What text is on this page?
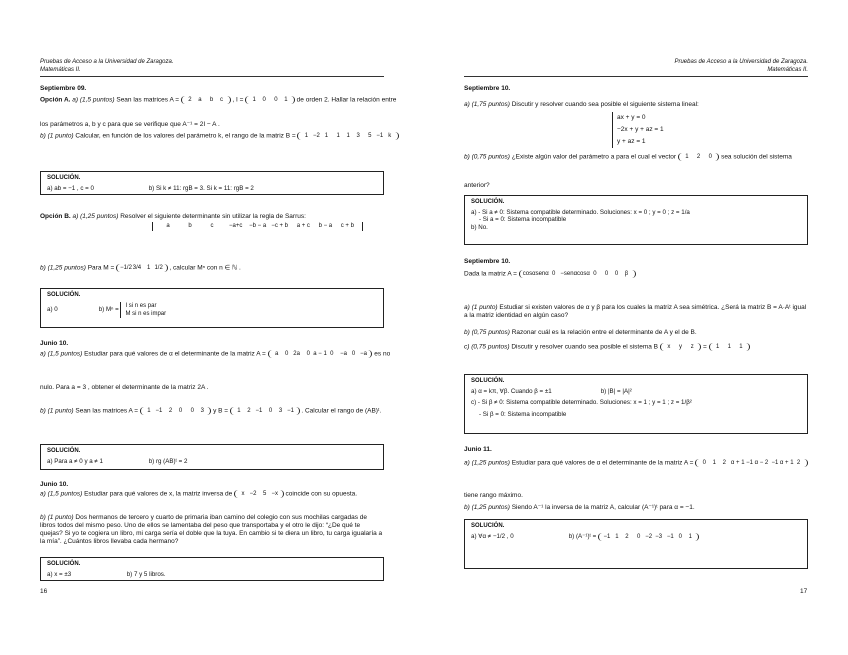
Pruebas de Acceso a la Universidad de Zaragoza.
Matemáticas II.
Septiembre 09.
Opción A. a) (1,5 puntos) Sean las matrices A = 2 a b c , I = 1 0 0 1 de orden 2. Hallar la relación entre
los parámetros a, b y c para que se verifique que A⁻¹ = 2I − A .
b) (1 punto) Calcular, en función de los valores del parámetro k, el rango de la matriz B = 1 −2 1 1 1 3 5 −1 k
SOLUCIÓN.
a) ab = −1 , c = 0	b) Si k ≠ 11: rgB = 3. Si k = 11: rgB = 2
Opción B. a) (1,25 puntos) Resolver el siguiente determinante sin utilizar la regla de Sarrus:
a	b	c	−a+c −b − a −c + b a + c b − a c + b
b) (1,25 puntos) Para M = −1/23/4 1 1/2 , calcular Mⁿ con n ∈ ℕ .
SOLUCIÓN.
a) 0	b) Mⁿ =
I si n es par
M si n es impar
Junio 10.
a) (1,5 puntos) Estudiar para qué valores de α el determinante de la matriz A = a 0 2a 0 a − 1 0 −a 0 −a es no
nulo. Para a = 3 , obtener el determinante de la matriz 2A .
b) (1 punto) Sean las matrices A = 1 −1 2 0 0 3 y B = 1 2 −1 0 3 −1 . Calcular el rango de (AB)ᵗ.
SOLUCIÓN.
a) Para a ≠ 0 y a ≠ 1	b) rg (AB)ᵗ = 2
Junio 10.
a) (1,5 puntos) Estudiar para qué valores de x, la matriz inversa de x −2 5 −x coincide con su opuesta.
b) (1 punto) Dos hermanos de tercero y cuarto de primaria iban camino del colegio con sus mochilas cargadas de libros todos del mismo peso. Uno de ellos se lamentaba del peso que transportaba y el otro le dijo: “¿De qué te quejas? Si yo te cogiera un libro, mi carga sería el doble que la tuya. En cambio si te diera un libro, tu carga igualaría a la mía”. ¿Cuántos libros llevaba cada hermano?
SOLUCIÓN.
a) x = ±3	b) 7 y 5 libros.
16
Pruebas de Acceso a la Universidad de Zaragoza.
Matemáticas II.
Septiembre 10.
a) (1,75 puntos) Discutir y resolver cuando sea posible el siguiente sistema lineal:
ax + y = 0
−2x + y + az = 1
y + az = 1
b) (0,75 puntos) ¿Existe algún valor del parámetro a para el cual el vector 1 2 0 sea solución del sistema
anterior?
SOLUCIÓN.
a) - Si a ≠ 0: Sistema compatible determinado. Soluciones: x = 0 ; y = 0 ; z = 1/a
- Si a = 0: Sistema incompatible
b) No.
Septiembre 10.
Dada la matriz A = cosαsenα 0 −senαcosα 0 0 0 β
a) (1 punto) Estudiar si existen valores de α y β para los cuales la matriz A sea simétrica. ¿Será la matriz B = A·Aᵗ igual a la matriz identidad en algún caso?
b) (0,75 puntos) Razonar cuál es la relación entre el determinante de A y el de B.
c) (0,75 puntos) Discutir y resolver cuando sea posible el sistema B x y z = 1 1 1
SOLUCIÓN.
a) α = kπ, ∀β. Cuando β = ±1	b) |B| = |A|²
c) - Si β ≠ 0: Sistema compatible determinado. Soluciones: x = 1 ; y = 1 ; z = 1/β²
- Si β = 0: Sistema incompatible
Junio 11.
a) (1,25 puntos) Estudiar para qué valores de α el determinante de la matriz A = 0 1 2 α + 1 −1 α − 2 −1 α + 1 2
tiene rango máximo.
b) (1,25 puntos) Siendo A⁻¹ la inversa de la matriz A, calcular (A⁻¹)ᵗ para α = −1.
SOLUCIÓN.
a) ∀α ≠ −1/2 , 0	b) (A⁻¹)ᵗ = −1 1 2 0 −2 −3 −1 0 1
17
